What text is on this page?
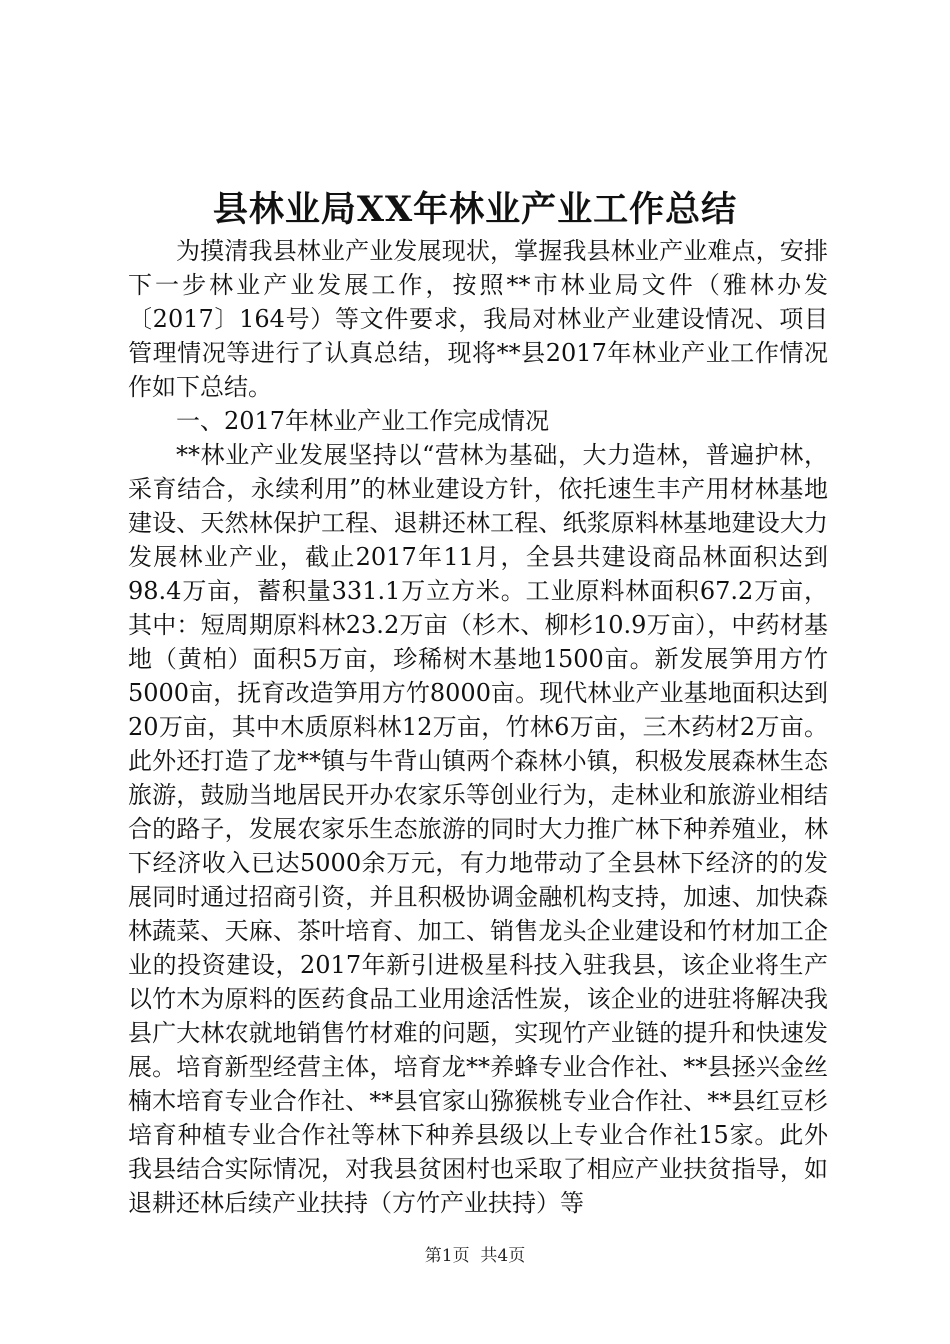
县林业局XX年林业产业工作总结

为摸清我县林业产业发展现状，掌握我县林业产业难点，安排下一步林业产业发展工作，按照**市林业局文件（雅林办发〔2017〕164号）等文件要求，我局对林业产业建设情况、项目管理情况等进行了认真总结，现将**县2017年林业产业工作情况作如下总结。

一、2017年林业产业工作完成情况

**林业产业发展坚持以“营林为基础，大力造林，普遍护林，采育结合，永续利用”的林业建设方针，依托速生丰产用材林基地建设、天然林保护工程、退耕还林工程、纸浆原料林基地建设大力发展林业产业，截止2017年11月，全县共建设商品林面积达到98.4万亩，蓄积量331.1万立方米。工业原料林面积67.2万亩，其中：短周期原料林23.2万亩（杉木、柳杉10.9万亩），中药材基地（黄柏）面积5万亩，珍稀树木基地1500亩。新发展笋用方竹5000亩，抚育改造笋用方竹8000亩。现代林业产业基地面积达到20万亩，其中木质原料林12万亩，竹林6万亩，三木药材2万亩。此外还打造了龙**镇与牛背山镇两个森林小镇，积极发展森林生态旅游，鼓励当地居民开办农家乐等创业行为，走林业和旅游业相结合的路子，发展农家乐生态旅游的同时大力推广林下种养殖业，林下经济收入已达5000余万元，有力地带动了全县林下经济的的发展同时通过招商引资，并且积极协调金融机构支持，加速、加快森林蔬菜、天麻、茶叶培育、加工、销售龙头企业建设和竹材加工企业的投资建设，2017年新引进极星科技入驻我县，该企业将生产以竹木为原料的医药食品工业用途活性炭，该企业的进驻将解决我县广大林农就地销售竹材难的问题，实现竹产业链的提升和快速发展。培育新型经营主体，培育龙**养蜂专业合作社、**县拯兴金丝楠木培育专业合作社、**县官家山猕猴桃专业合作社、**县红豆杉培育种植专业合作社等林下种养县级以上专业合作社15家。此外我县结合实际情况，对我县贫困村也采取了相应产业扶贫指导，如退耕还林后续产业扶持（方竹产业扶持）等

第1页 共4页
